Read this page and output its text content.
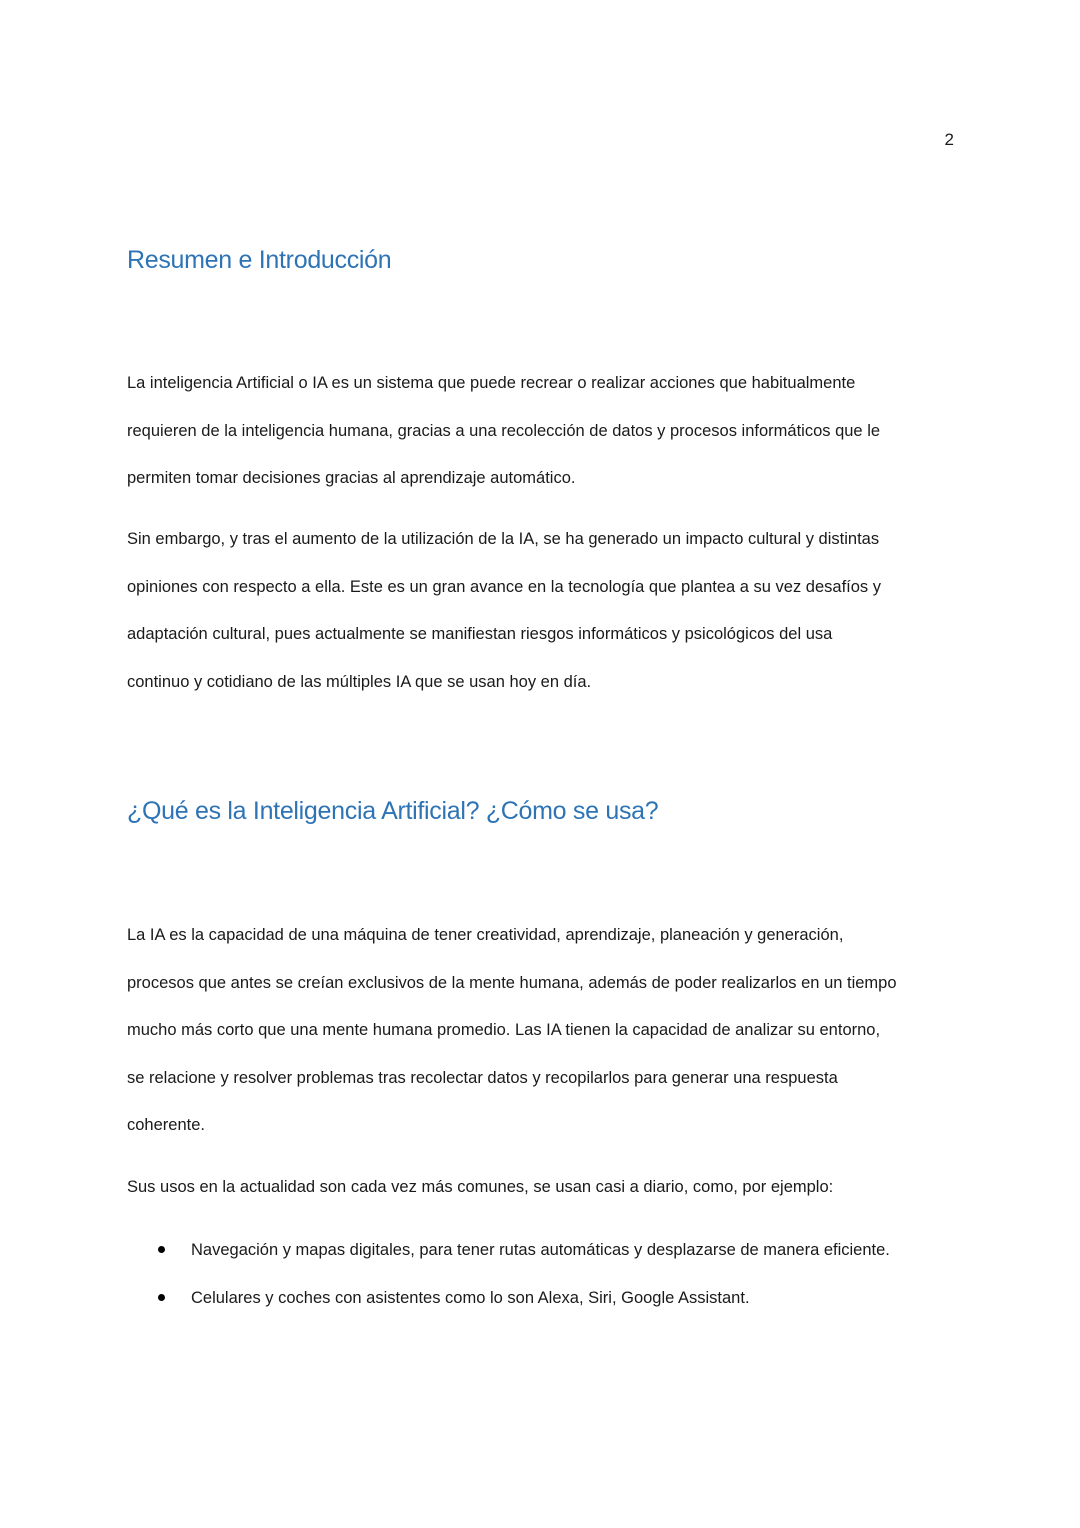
2
Resumen e Introducción

La inteligencia Artificial o IA es un sistema que puede recrear o realizar acciones que habitualmente

requieren de la inteligencia humana, gracias a una recolección de datos y procesos informáticos que le

permiten tomar decisiones gracias al aprendizaje automático.

Sin embargo, y tras el aumento de la utilización de la IA, se ha generado un impacto cultural y distintas

opiniones con respecto a ella. Este es un gran avance en la tecnología que plantea a su vez desafíos y

adaptación cultural, pues actualmente se manifiestan riesgos informáticos y psicológicos del usa

continuo y cotidiano de las múltiples IA que se usan hoy en día.

¿Qué es la Inteligencia Artificial? ¿Cómo se usa?

La IA es la capacidad de una máquina de tener creatividad, aprendizaje, planeación y generación,

procesos que antes se creían exclusivos de la mente humana, además de poder realizarlos en un tiempo

mucho más corto que una mente humana promedio. Las IA tienen la capacidad de analizar su entorno,

se relacione y resolver problemas tras recolectar datos y recopilarlos para generar una respuesta

coherente.

Sus usos en la actualidad son cada vez más comunes, se usan casi a diario, como, por ejemplo:

Navegación y mapas digitales, para tener rutas automáticas y desplazarse de manera eficiente.
Celulares y coches con asistentes como lo son Alexa, Siri, Google Assistant.
